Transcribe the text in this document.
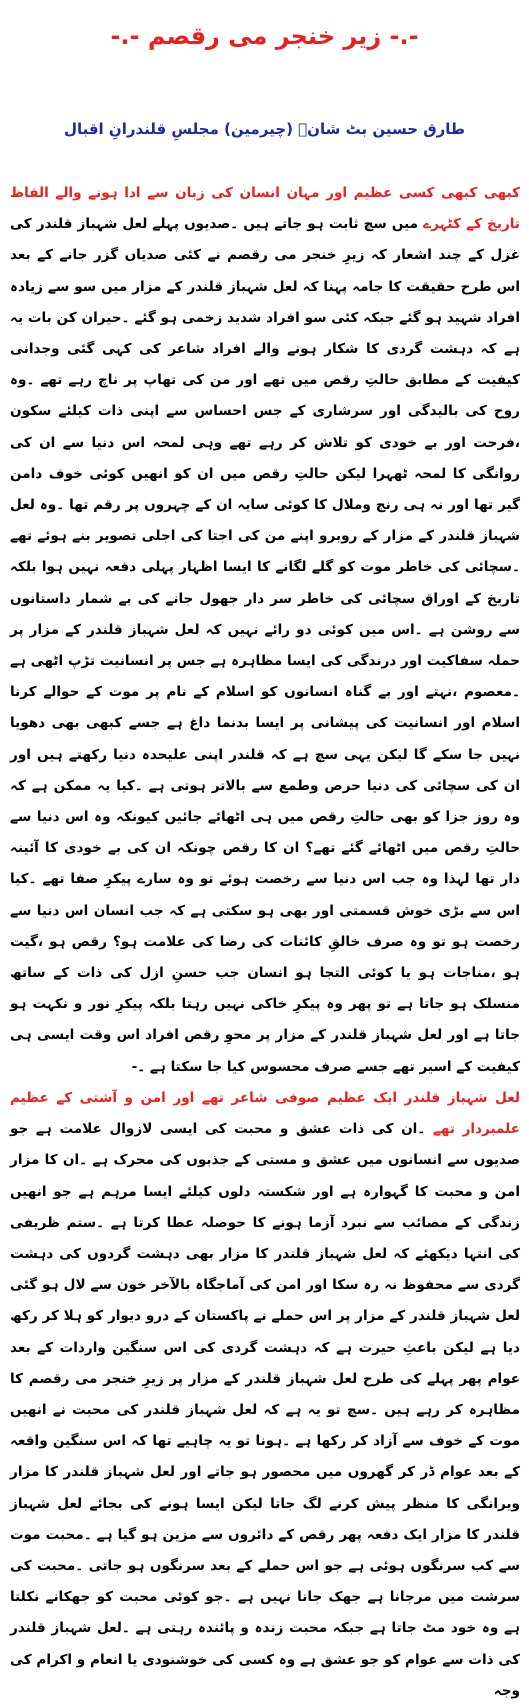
-.- زیر خنجر می رقصم -.-
طارق حسین بٹ شانؔ (چیرمین) مجلسِ قلندرانِ اقبال
کبھی کبھی کسی عظیم اور مہان انسان کی زبان سے ادا ہونے والے الفاظ تاریخ کے کٹہرے میں سچ ثابت ہو جاتے ہیں ۔صدیوں پہلے لعل شہباز قلندر کی غزل کے چند اشعار کہ زیرِ خنجر می رقصم نے کئی صدیاں گزر جانے کے بعد اس طرح حقیقت کا جامہ پہنا کہ لعل شہباز قلندر کے مزار میں سو سے زیادہ افراد شہید ہو گئے جبکہ کئی سو افراد شدید زخمی ہو گئے ۔حیران کن بات یہ ہے کہ دہشت گردی کا شکار ہونے والے افراد شاعر کی کہی گئی وجدانی کیفیت کے مطابق حالتِ رقص میں تھے اور من کی تھاپ پر ناچ رہے تھے ۔وہ روح کی بالیدگی اور سرشاری کے جس احساس سے اپنی ذات کیلئے سکون ،فرحت اور بے خودی کو تلاش کر رہے تھے وہی لمحہ اس دنیا سے ان کی روانگی کا لمحہ ٹھہرا لیکن حالتِ رقص میں ان کو انھیں کوئی خوف دامن گیر تھا اور نہ ہی رنج وملال کا کوئی سایہ ان کے چہروں پر رقم تھا ۔وہ لعل شہباز قلندر کے مزار کے روبرو اپنے من کی اجتا کی اجلی تصویر بنے ہوئے تھے ۔سچائی کی خاطر موت کو گلے لگانے کا ایسا اظہار پہلی دفعہ نہیں ہوا بلکہ تاریخ کے اوراق سچائی کی خاطر سر دار جھول جانے کی بے شمار داستانوں سے روشن ہے ۔اس میں کوئی دو رائے نہیں کہ لعل شہباز قلندر کے مزار پر حملہ سفاکیت اور درندگی کی ایسا مظاہرہ ہے جس پر انسانیت تڑپ اٹھی ہے ۔معصوم ،نہتے اور بے گناہ انسانوں کو اسلام کے نام پر موت کے حوالے کرنا اسلام اور انسانیت کی پیشانی پر ایسا بدنما داغ ہے جسے کبھی بھی دھویا نہیں جا سکے گا لیکن یہی سچ ہے کہ قلندر اپنی علیحدہ دنیا رکھتے ہیں اور ان کی سچائی کی دنیا حرص وطمع سے بالاتر ہوتی ہے ۔کیا یہ ممکن ہے کہ وہ روز جزا کو بھی حالتِ رقص میں ہی اٹھائے جائیں کیونکہ وہ اس دنیا سے حالتِ رقص میں اٹھائے گئے تھے؟ ان کا رقص چونکہ ان کی بے خودی کا آئینہ دار تھا لہذا وہ جب اس دنیا سے رخصت ہوئے تو وہ سارے پیکرِ صفا تھے ۔کیا اس سے بڑی خوش قسمتی اور بھی ہو سکتی ہے کہ جب انسان اس دنیا سے رخصت ہو تو وہ صرف خالقِ کائنات کی رضا کی علامت ہو؟ رقص ہو ،گیت ہو ،مناجات ہو یا کوئی التجا ہو انسان جب حسنِ ازل کی ذات کے ساتھ منسلک ہو جاتا ہے تو پھر وہ پیکرِ خاکی نہیں رہتا بلکہ پیکرِ نور و نکہت ہو جاتا ہے اور لعل شہباز قلندر کے مزار پر محوِ رقص افراد اس وقت ایسی ہی کیفیت کے اسیر تھے جسے صرف محسوس کیا جا سکتا ہے ۔-
لعل شہباز قلندر ایک عظیم صوفی شاعر تھے اور امن و آشتی کے عظیم علمبردار تھے ۔ان کی ذات عشق و محبت کی ایسی لازوال علامت ہے جو صدیوں سے انسانوں میں عشق و مستی کے جذبوں کی محرک ہے ۔ان کا مزار امن و محبت کا گہوارہ ہے اور شکستہ دلوں کیلئے ایسا مرہم ہے جو انھیں زندگی کے مصائب سے نبرد آزما ہونے کا حوصلہ عطا کرتا ہے ۔ستم ظریفی کی انتہا دیکھئے کہ لعل شہباز قلندر کا مزار بھی دہشت گردوں کی دہشت گردی سے محفوظ نہ رہ سکا اور امن کی آماجگاہ بالآخر خون سے لال ہو گئی لعل شہباز قلندر کے مزار پر اس حملے نے پاکستان کے درو دیوار کو ہلا کر رکھ دیا ہے لیکن باعثِ حیرت ہے کہ دہشت گردی کی اس سنگین واردات کے بعد عوام پھر پہلے کی طرح لعل شہباز قلندر کے مزار پر زیرِ خنجر می رقصم کا مظاہرہ کر رہے ہیں ۔سچ تو یہ ہے کہ لعل شہباز قلندر کی محبت نے انھیں موت کے خوف سے آزاد کر رکھا ہے ۔ہونا تو یہ چاہیے تھا کہ اس سنگین واقعہ کے بعد عوام ڈر کر گھروں میں محصور ہو جاتے اور لعل شہباز قلندر کا مزار ویرانگی کا منظر پیش کرنے لگ جاتا لیکن ایسا ہونے کی بجائے لعل شہباز قلندر کا مزار ایک دفعہ پھر رقص کے دائروں سے مزین ہو گیا ہے ۔محبت موت سے کب سرنگوں ہوئی ہے جو اس حملے کے بعد سرنگوں ہو جاتی ۔محبت کی سرشت میں مرجانا ہے جھک جانا نہیں ہے ۔جو کوئی محبت کو جھکانے نکلتا ہے وہ خود مٹ جاتا ہے جبکہ محبت زندہ و پائندہ رہتی ہے ۔لعل شہباز قلندر کی ذات سے عوام کو جو عشق ہے وہ کسی کی خوشنودی یا انعام و اکرام کی وجہ
